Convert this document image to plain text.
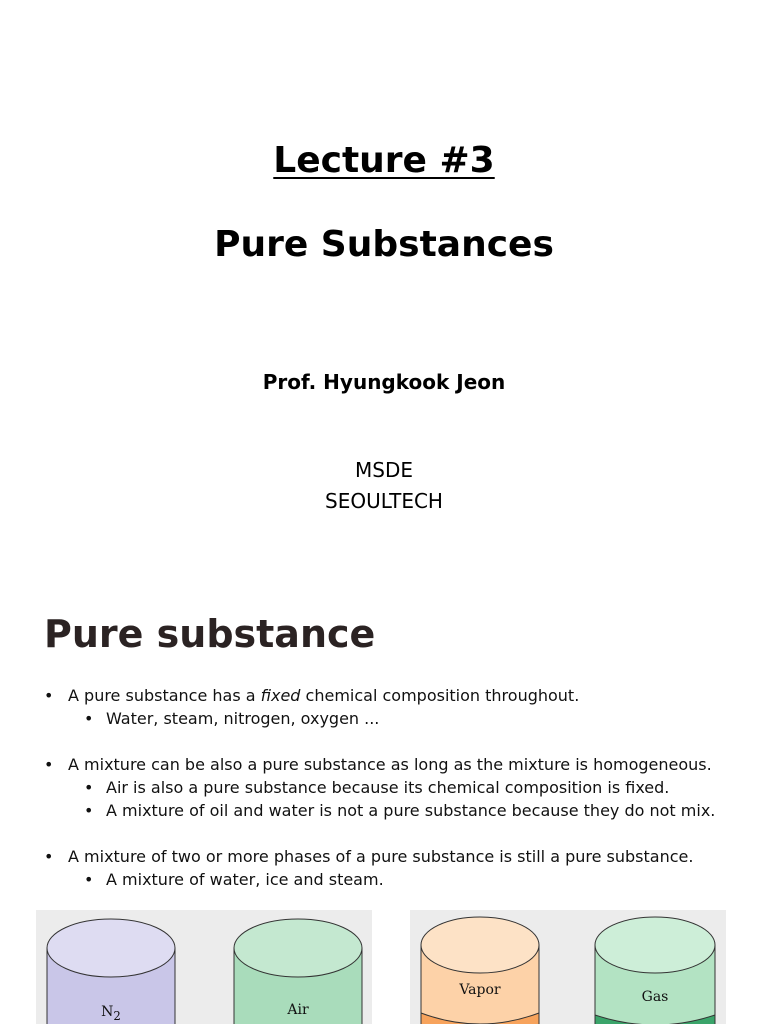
Lecture #3
Pure Substances
Prof. Hyungkook Jeon
MSDE
SEOULTECH
Pure substance
• A pure substance has a fixed chemical composition throughout.
• Water, steam, nitrogen, oxygen ...
• A mixture can be also a pure substance as long as the mixture is homogeneous.
• Air is also a pure substance because its chemical composition is fixed.
• A mixture of oil and water is not a pure substance because they do not mix.
• A mixture of two or more phases of a pure substance is still a pure substance.
• A mixture of water, ice and steam.
$N_2$	Air
Vapor	Gas
